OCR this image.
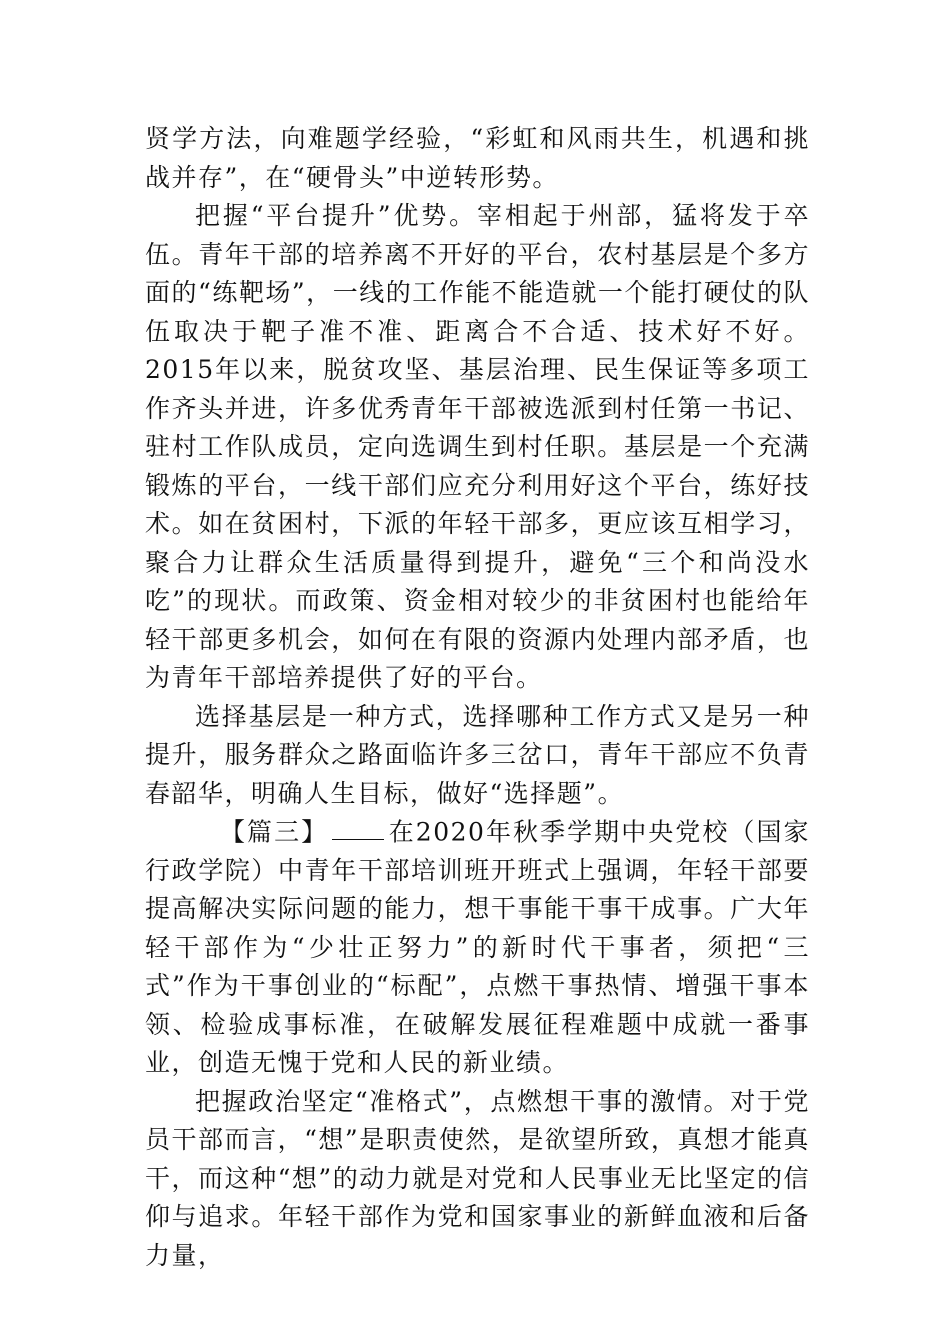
贤学方法，向难题学经验，“彩虹和风雨共生，机遇和挑战并存”，在“硬骨头”中逆转形势。

把握“平台提升”优势。宰相起于州部，猛将发于卒伍。青年干部的培养离不开好的平台，农村基层是个多方面的“练靶场”，一线的工作能不能造就一个能打硬仗的队伍取决于靶子准不准、距离合不合适、技术好不好。2015年以来，脱贫攻坚、基层治理、民生保证等多项工作齐头并进，许多优秀青年干部被选派到村任第一书记、驻村工作队成员，定向选调生到村任职。基层是一个充满锻炼的平台，一线干部们应充分利用好这个平台，练好技术。如在贫困村，下派的年轻干部多，更应该互相学习，聚合力让群众生活质量得到提升，避免“三个和尚没水吃”的现状。而政策、资金相对较少的非贫困村也能给年轻干部更多机会，如何在有限的资源内处理内部矛盾，也为青年干部培养提供了好的平台。

选择基层是一种方式，选择哪种工作方式又是另一种提升，服务群众之路面临许多三岔口，青年干部应不负青春韶华，明确人生目标，做好“选择题”。

【篇三】 在2020年秋季学期中央党校（国家行政学院）中青年干部培训班开班式上强调，年轻干部要提高解决实际问题的能力，想干事能干事干成事。广大年轻干部作为“少壮正努力”的新时代干事者，须把“三式”作为干事创业的“标配”，点燃干事热情、增强干事本领、检验成事标准，在破解发展征程难题中成就一番事业，创造无愧于党和人民的新业绩。

把握政治坚定“准格式”，点燃想干事的激情。对于党员干部而言，“想”是职责使然，是欲望所致，真想才能真干，而这种“想”的动力就是对党和人民事业无比坚定的信仰与追求。年轻干部作为党和国家事业的新鲜血液和后备力量，
